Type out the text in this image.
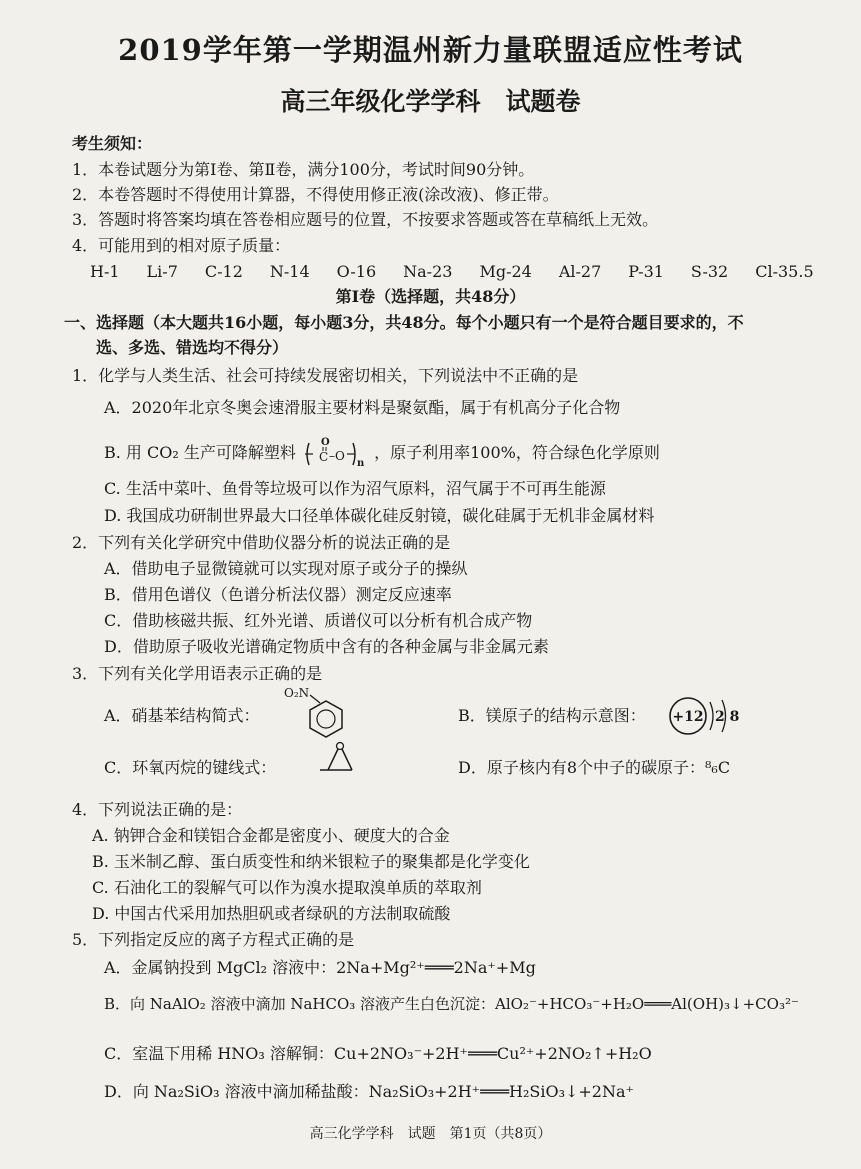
2019学年第一学期温州新力量联盟适应性考试
高三年级化学学科　试题卷
考生须知：
1．本卷试题分为第Ⅰ卷、第Ⅱ卷，满分100分，考试时间90分钟。
2．本卷答题时不得使用计算器，不得使用修正液(涂改液)、修正带。
3．答题时将答案均填在答卷相应题号的位置，不按要求答题或答在草稿纸上无效。
4．可能用到的相对原子质量：
H-1 Li-7 C-12 N-14 O-16 Na-23 Mg-24 Al-27 P-31 S-32 Cl-35.5
第Ⅰ卷（选择题，共48分）
一、选择题（本大题共16小题，每小题3分，共48分。每个小题只有一个是符合题目要求的，不
选、多选、错选均不得分）
1．化学与人类生活、社会可持续发展密切相关，下列说法中不正确的是
A．2020年北京冬奥会速滑服主要材料是聚氨酯，属于有机高分子化合物
B. 用 CO₂ 生产可降解塑料
O
C –O
n
，原子利用率100%，符合绿色化学原则
C. 生活中菜叶、鱼骨等垃圾可以作为沼气原料，沼气属于不可再生能源
D. 我国成功研制世界最大口径单体碳化硅反射镜，碳化硅属于无机非金属材料
2．下列有关化学研究中借助仪器分析的说法正确的是
A．借助电子显微镜就可以实现对原子或分子的操纵
B．借用色谱仪（色谱分析法仪器）测定反应速率
C．借助核磁共振、红外光谱、质谱仪可以分析有机合成产物
D．借助原子吸收光谱确定物质中含有的各种金属与非金属元素
3．下列有关化学用语表示正确的是
A．硝基苯结构简式：
O₂N
B．镁原子的结构示意图： +12 2 8
C．环氧丙烷的键线式：	D．原子核内有8个中子的碳原子：⁸₆C
4．下列说法正确的是：
A. 钠钾合金和镁铝合金都是密度小、硬度大的合金
B. 玉米制乙醇、蛋白质变性和纳米银粒子的聚集都是化学变化
C. 石油化工的裂解气可以作为溴水提取溴单质的萃取剂
D. 中国古代采用加热胆矾或者绿矾的方法制取硫酸
5．下列指定反应的离子方程式正确的是
A．金属钠投到 MgCl₂ 溶液中：2Na+Mg²⁺═══2Na⁺+Mg
B．向 NaAlO₂ 溶液中滴加 NaHCO₃ 溶液产生白色沉淀：AlO₂⁻+HCO₃⁻+H₂O═══Al(OH)₃↓+CO₃²⁻
C．室温下用稀 HNO₃ 溶解铜：Cu+2NO₃⁻+2H⁺═══Cu²⁺+2NO₂↑+H₂O
D．向 Na₂SiO₃ 溶液中滴加稀盐酸：Na₂SiO₃+2H⁺═══H₂SiO₃↓+2Na⁺
高三化学学科　试题　第1页（共8页）
